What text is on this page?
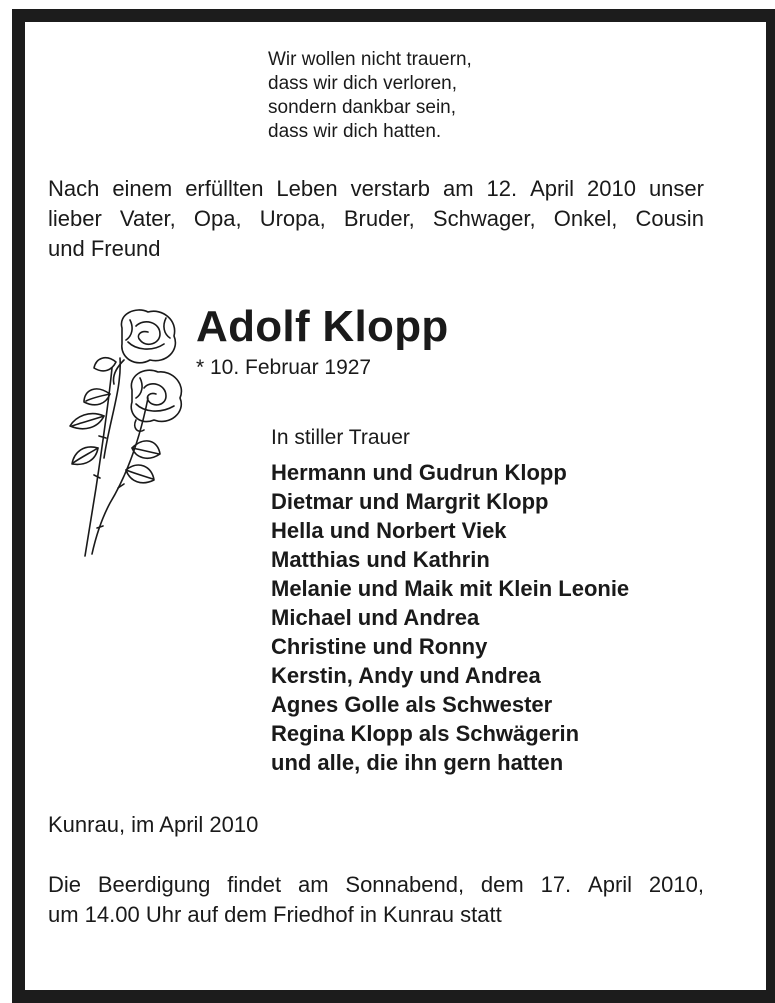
Wir wollen nicht trauern,
dass wir dich verloren,
sondern dankbar sein,
dass wir dich hatten.
Nach einem erfüllten Leben verstarb am 12. April 2010 unser
lieber Vater, Opa, Uropa, Bruder, Schwager, Onkel, Cousin
und Freund
Adolf Klopp
* 10. Februar 1927
In stiller Trauer
Hermann und Gudrun Klopp
Dietmar und Margrit Klopp
Hella und Norbert Viek
Matthias und Kathrin
Melanie und Maik mit Klein Leonie
Michael und Andrea
Christine und Ronny
Kerstin, Andy und Andrea
Agnes Golle als Schwester
Regina Klopp als Schwägerin
und alle, die ihn gern hatten
Kunrau, im April 2010
Die Beerdigung findet am Sonnabend, dem 17. April 2010,
um 14.00 Uhr auf dem Friedhof in Kunrau statt
